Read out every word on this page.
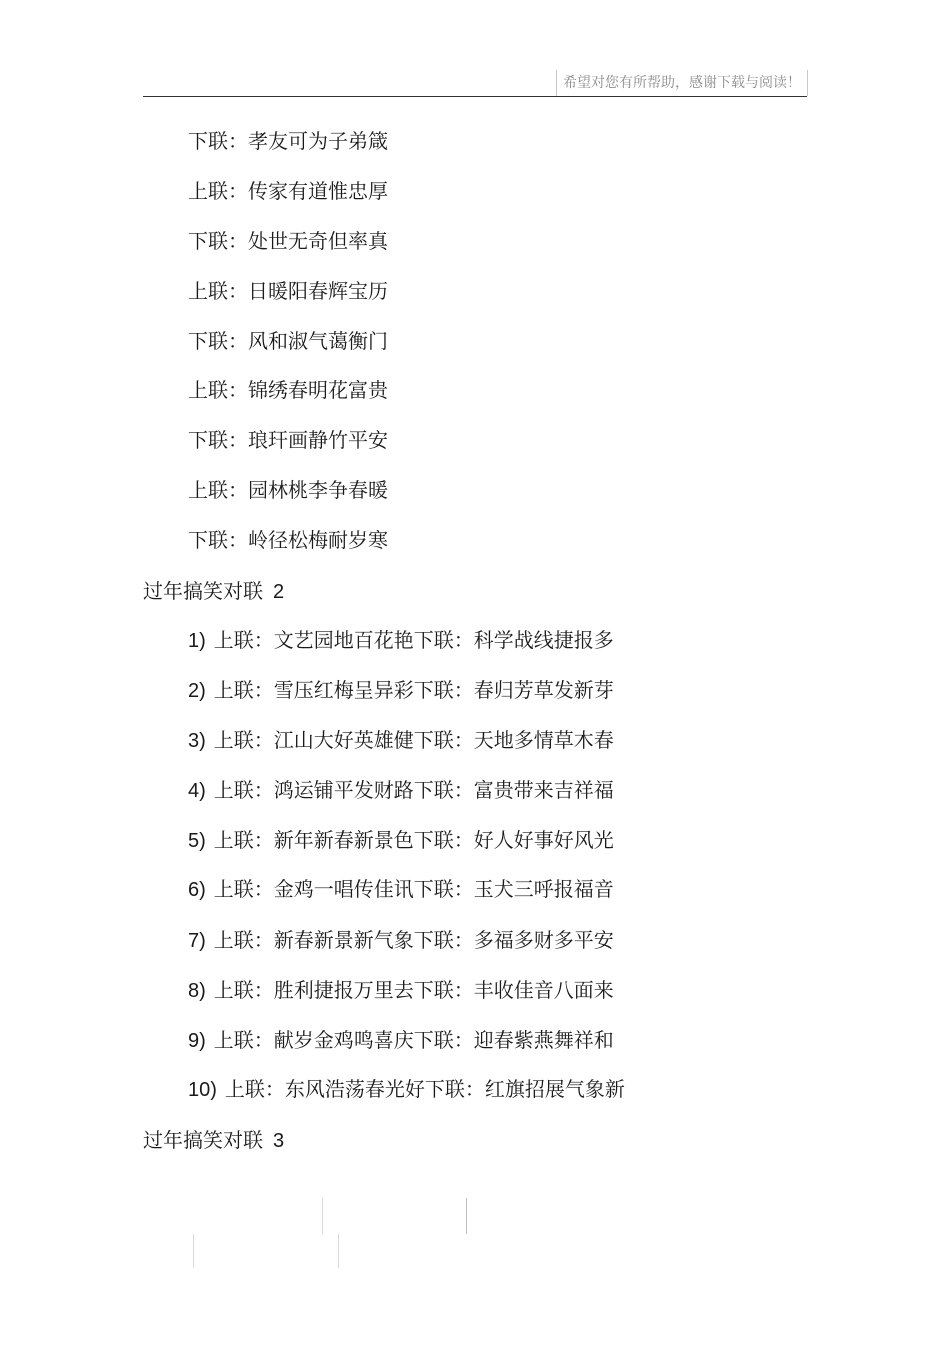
希望对您有所帮助，感谢下载与阅读！
下联：孝友可为子弟箴
上联：传家有道惟忠厚
下联：处世无奇但率真
上联：日暖阳春辉宝历
下联：风和淑气蔼衡门
上联：锦绣春明花富贵
下联：琅玕画静竹平安
上联：园林桃李争春暖
下联：岭径松梅耐岁寒
过年搞笑对联 2
1) 上联：文艺园地百花艳下联：科学战线捷报多
2) 上联：雪压红梅呈异彩下联：春归芳草发新芽
3) 上联：江山大好英雄健下联：天地多情草木春
4) 上联：鸿运铺平发财路下联：富贵带来吉祥福
5) 上联：新年新春新景色下联：好人好事好风光
6) 上联：金鸡一唱传佳讯下联：玉犬三呼报福音
7) 上联：新春新景新气象下联：多福多财多平安
8) 上联：胜利捷报万里去下联：丰收佳音八面来
9) 上联：献岁金鸡鸣喜庆下联：迎春紫燕舞祥和
10) 上联：东风浩荡春光好下联：红旗招展气象新
过年搞笑对联 3
